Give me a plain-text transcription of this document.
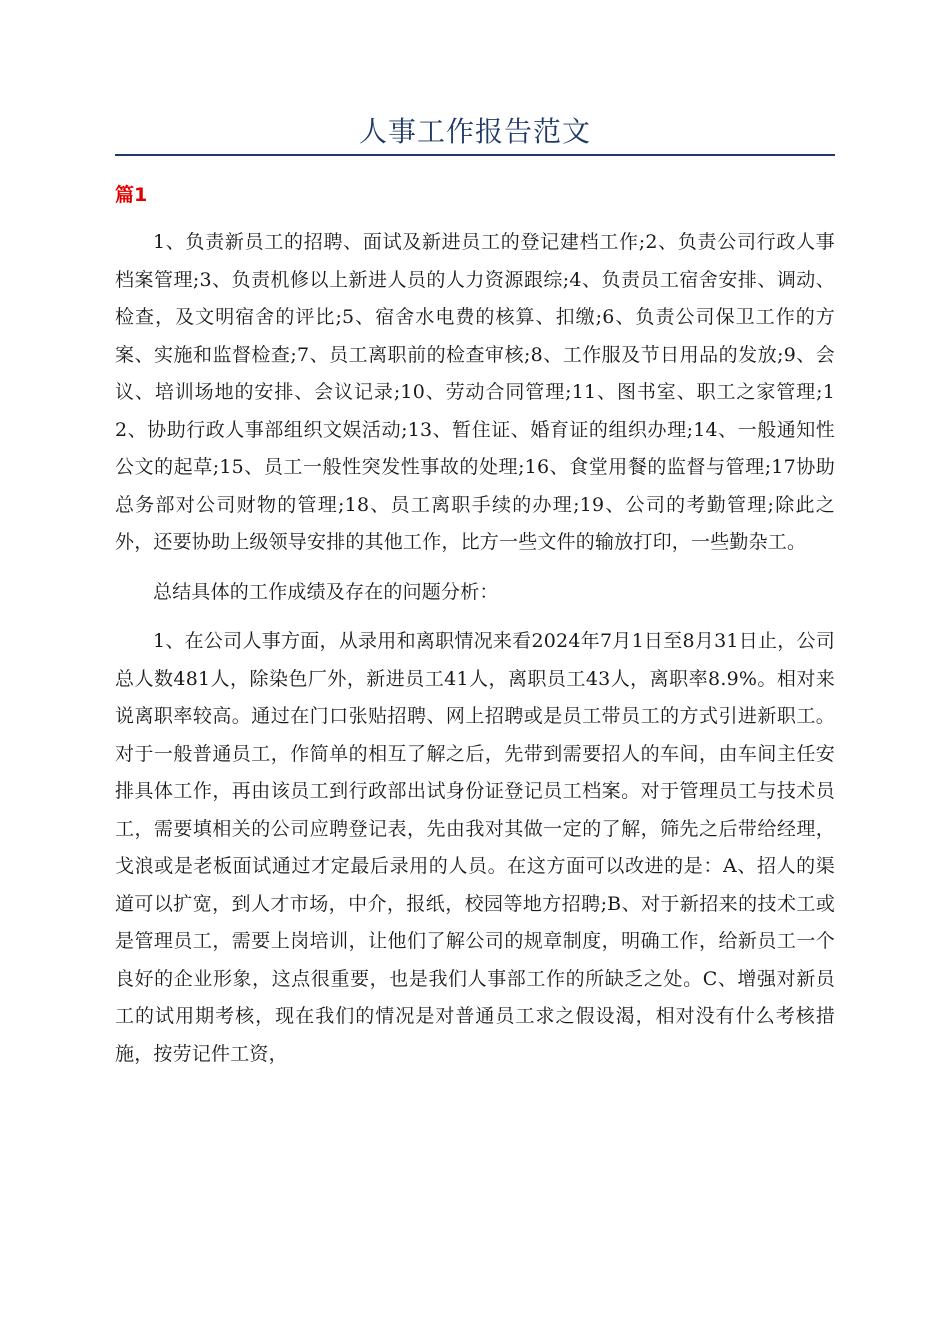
人事工作报告范文
篇1

1、负责新员工的招聘、面试及新进员工的登记建档工作;2、负责公司行政人事档案管理;3、负责机修以上新进人员的人力资源跟综;4、负责员工宿舍安排、调动、检查，及文明宿舍的评比;5、宿舍水电费的核算、扣缴;6、负责公司保卫工作的方案、实施和监督检查;7、员工离职前的检查审核;8、工作服及节日用品的发放;9、会议、培训场地的安排、会议记录;10、劳动合同管理;11、图书室、职工之家管理;12、协助行政人事部组织文娱活动;13、暂住证、婚育证的组织办理;14、一般通知性公文的起草;15、员工一般性突发性事故的处理;16、食堂用餐的监督与管理;17协助总务部对公司财物的管理;18、员工离职手续的办理;19、公司的考勤管理;除此之外，还要协助上级领导安排的其他工作，比方一些文件的输放打印，一些勤杂工。

总结具体的工作成绩及存在的问题分析：

1、在公司人事方面，从录用和离职情况来看2024年7月1日至8月31日止，公司总人数481人，除染色厂外，新进员工41人，离职员工43人，离职率8.9%。相对来说离职率较高。通过在门口张贴招聘、网上招聘或是员工带员工的方式引进新职工。对于一般普通员工，作简单的相互了解之后，先带到需要招人的车间，由车间主任安排具体工作，再由该员工到行政部出试身份证登记员工档案。对于管理员工与技术员工，需要填相关的公司应聘登记表，先由我对其做一定的了解，筛先之后带给经理，戈浪或是老板面试通过才定最后录用的人员。在这方面可以改进的是：A、招人的渠道可以扩宽，到人才市场，中介，报纸，校园等地方招聘;B、对于新招来的技术工或是管理员工，需要上岗培训，让他们了解公司的规章制度，明确工作，给新员工一个良好的企业形象，这点很重要，也是我们人事部工作的所缺乏之处。C、增强对新员工的试用期考核，现在我们的情况是对普通员工求之假设渴，相对没有什么考核措施，按劳记件工资，
